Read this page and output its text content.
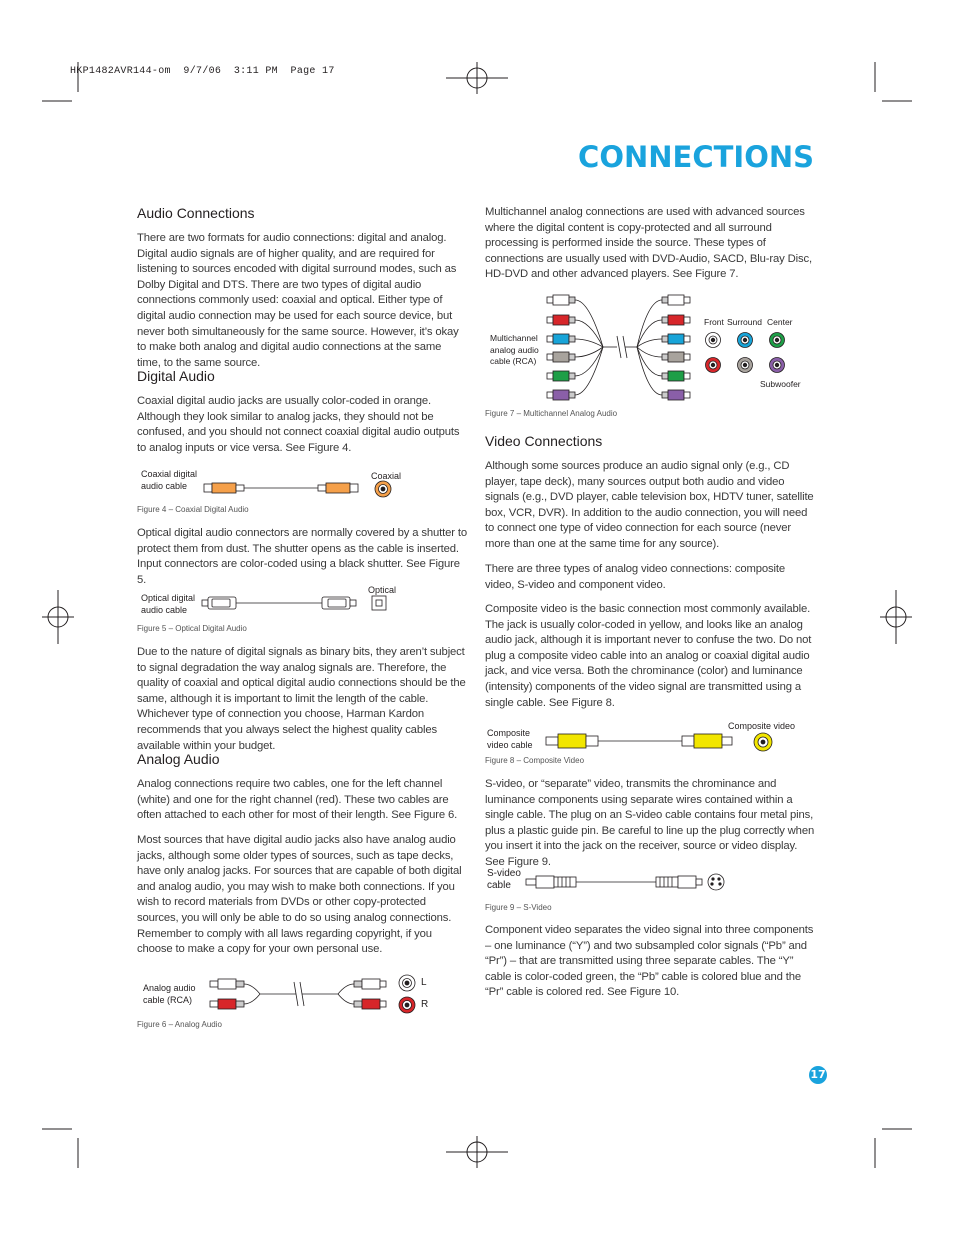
HKP1482AVR144-om  9/7/06  3:11 PM  Page 17
CONNECTIONS
Audio Connections

There are two formats for audio connections: digital and analog. Digital audio signals are of higher quality, and are required for listening to sources encoded with digital surround modes, such as Dolby Digital and DTS. There are two types of digital audio connections commonly used: coaxial and optical. Either type of digital audio connection may be used for each source device, but never both simultaneously for the same source. However, it’s okay to make both analog and digital audio connections at the same time, to the same source.

Digital Audio

Coaxial digital audio jacks are usually color-coded in orange. Although they look similar to analog jacks, they should not be confused, and you should not connect coaxial digital audio outputs to analog inputs or vice versa. See Figure 4.

Coaxial digital audio cable
Coaxial
Figure 4 – Coaxial Digital Audio

Optical digital audio connectors are normally covered by a shutter to protect them from dust. The shutter opens as the cable is inserted. Input connectors are color-coded using a black shutter. See Figure 5.

Optical
Optical digital audio cable
Figure 5 – Optical Digital Audio

Due to the nature of digital signals as binary bits, they aren’t subject to signal degradation the way analog signals are. Therefore, the quality of coaxial and optical digital audio connections should be the same, although it is important to limit the length of the cable. Whichever type of connection you choose, Harman Kardon recommends that you always select the highest quality cables available within your budget.

Analog Audio

Analog connections require two cables, one for the left channel (white) and one for the right channel (red). These two cables are often attached to each other for most of their length. See Figure 6.

Most sources that have digital audio jacks also have analog audio jacks, although some older types of sources, such as tape decks, have only analog jacks. For sources that are capable of both digital and analog audio, you may wish to make both connections. If you wish to record materials from DVDs or other copy-protected sources, you will only be able to do so using analog connections. Remember to comply with all laws regarding copyright, if you choose to make a copy for your own personal use.

Analog audio cable (RCA)
L
R
Figure 6 – Analog Audio

Multichannel analog connections are used with advanced sources where the digital content is copy-protected and all surround processing is performed inside the source. These types of connections are usually used with DVD-Audio, SACD, Blu-ray Disc, HD-DVD and other advanced players. See Figure 7.

Multichannel analog audio cable (RCA)
Front Surround Center
Subwoofer
Figure 7 – Multichannel Analog Audio
Video Connections

Although some sources produce an audio signal only (e.g., CD player, tape deck), many sources output both audio and video signals (e.g., DVD player, cable television box, HDTV tuner, satellite box, VCR, DVR). In addition to the audio connection, you will need to connect one type of video connection for each source (never more than one at the same time for any source).

There are three types of analog video connections: composite video, S-video and component video.

Composite video is the basic connection most commonly available. The jack is usually color-coded in yellow, and looks like an analog audio jack, although it is important never to confuse the two. Do not plug a composite video cable into an analog or coaxial digital audio jack, and vice versa. Both the chrominance (color) and luminance (intensity) components of the video signal are transmitted using a single cable. See Figure 8.

Composite video
Composite video cable
Figure 8 – Composite Video

S-video, or “separate” video, transmits the chrominance and luminance components using separate wires contained within a single cable. The plug on an S-video cable contains four metal pins, plus a plastic guide pin. Be careful to line up the plug correctly when you insert it into the jack on the receiver, source or video display. See Figure 9.

S-video cable
Figure 9 – S-Video

Component video separates the video signal into three components – one luminance (“Y”) and two subsampled color signals (“Pb” and “Pr”) – that are transmitted using three separate cables. The “Y” cable is color-coded green, the “Pb” cable is colored blue and the “Pr” cable is colored red. See Figure 10.

17
